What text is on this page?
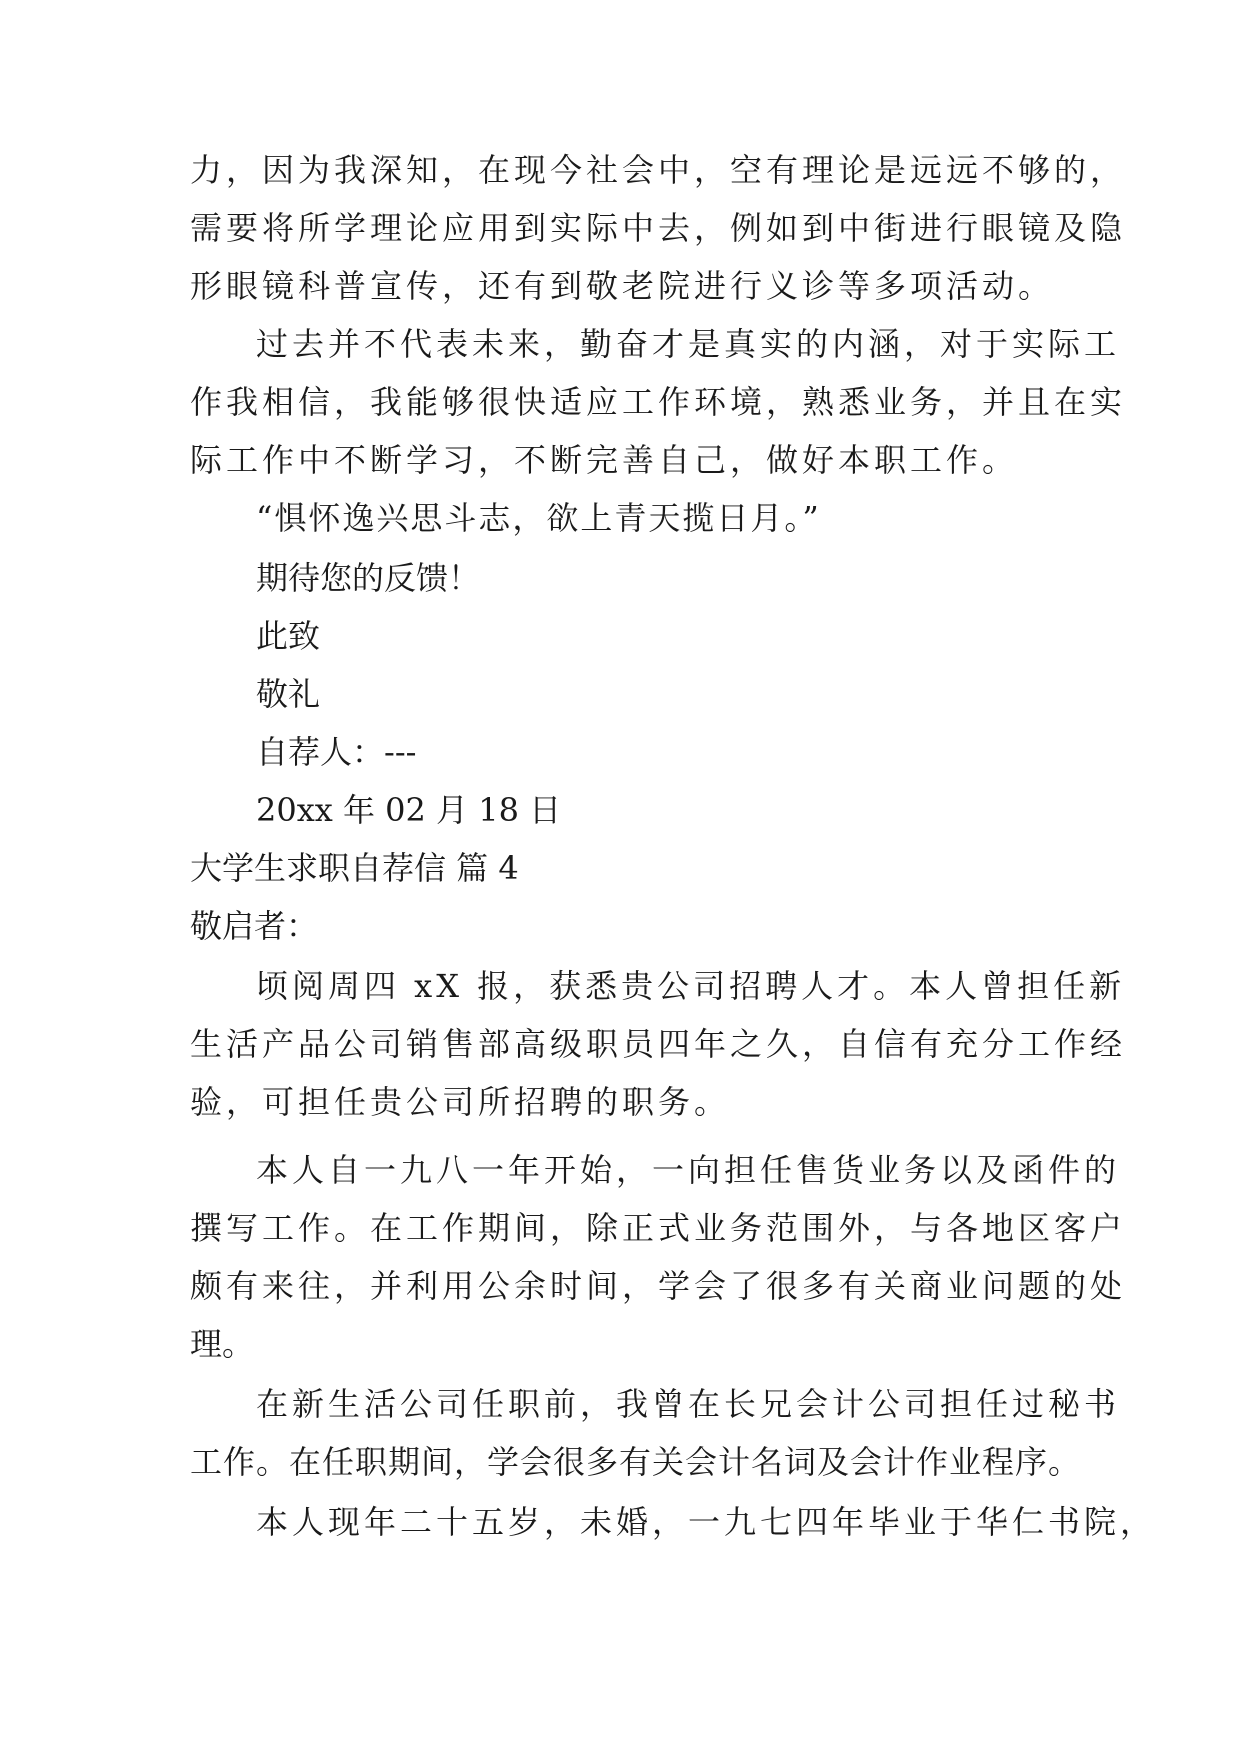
力，因为我深知，在现今社会中，空有理论是远远不够的，
需要将所学理论应用到实际中去，例如到中街进行眼镜及隐
形眼镜科普宣传，还有到敬老院进行义诊等多项活动。
过去并不代表未来，勤奋才是真实的内涵，对于实际工
作我相信，我能够很快适应工作环境，熟悉业务，并且在实
际工作中不断学习，不断完善自己，做好本职工作。
“惧怀逸兴思斗志，欲上青天揽日月。”
期待您的反馈！
此致
敬礼
自荐人：---
20xx 年 02 月 18 日
大学生求职自荐信 篇 4
敬启者：
顷阅周四 xX 报，获悉贵公司招聘人才。本人曾担任新
生活产品公司销售部高级职员四年之久，自信有充分工作经
验，可担任贵公司所招聘的职务。
本人自一九八一年开始，一向担任售货业务以及函件的
撰写工作。在工作期间，除正式业务范围外，与各地区客户
颇有来往，并利用公余时间，学会了很多有关商业问题的处
理。
在新生活公司任职前，我曾在长兄会计公司担任过秘书
工作。在任职期间，学会很多有关会计名词及会计作业程序。
本人现年二十五岁，未婚，一九七四年毕业于华仁书院，
